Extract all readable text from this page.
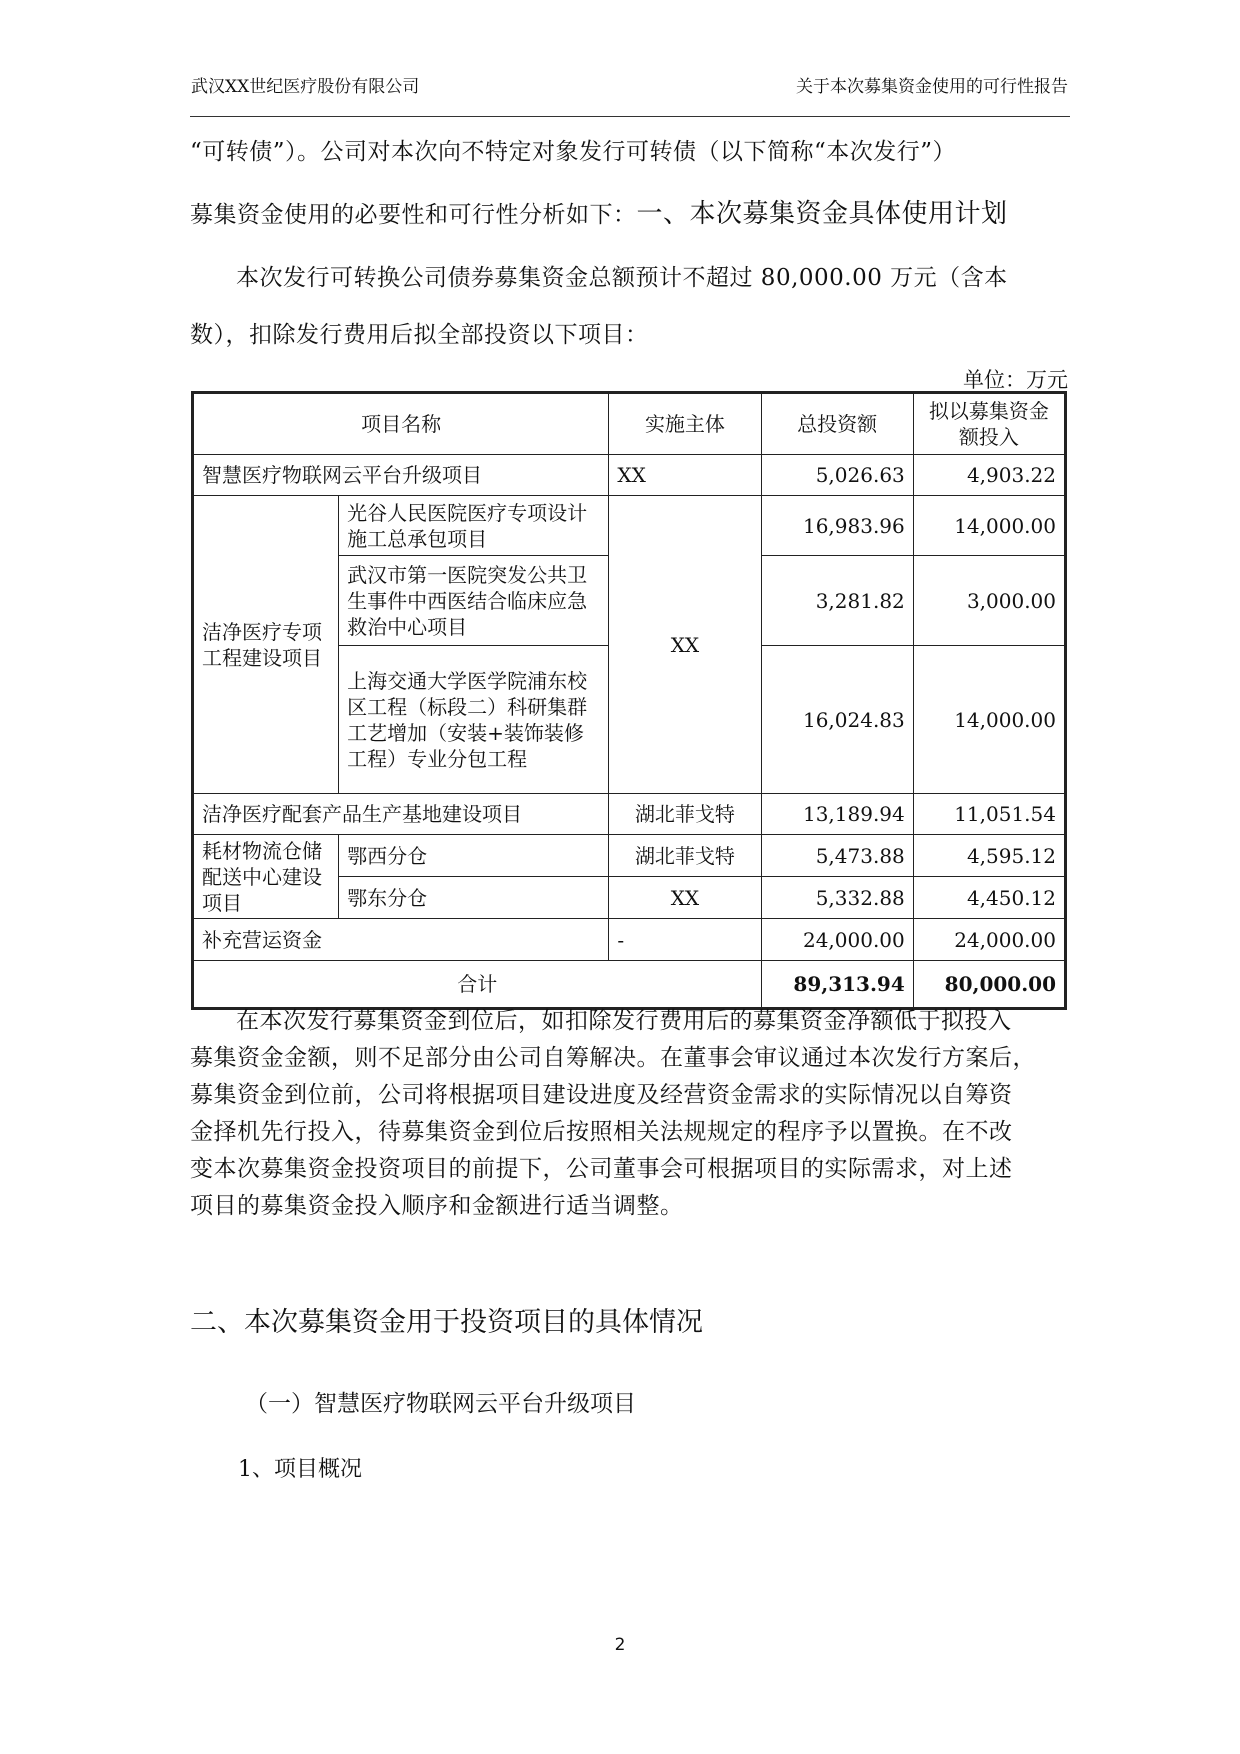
武汉XX世纪医疗股份有限公司	关于本次募集资金使用的可行性报告
“可转债”）。公司对本次向不特定对象发行可转债（以下简称“本次发行”）
募集资金使用的必要性和可行性分析如下：一、本次募集资金具体使用计划
本次发行可转换公司债券募集资金总额预计不超过 80,000.00 万元（含本
数），扣除发行费用后拟全部投资以下项目：
单位：万元
项目名称		实施主体	总投资额	拟以募集资金额投入
智慧医疗物联网云平台升级项目		XX	5,026.63	4,903.22
洁净医疗专项工程建设项目	光谷人民医院医疗专项设计施工总承包项目	XX	16,983.96	14,000.00
	武汉市第一医院突发公共卫生事件中西医结合临床应急救治中心项目		3,281.82	3,000.00
	上海交通大学医学院浦东校区工程（标段二）科研集群工艺增加（安装+装饰装修工程）专业分包工程		16,024.83	14,000.00
洁净医疗配套产品生产基地建设项目		湖北菲戈特	13,189.94	11,051.54
耗材物流仓储配送中心建设项目	鄂西分仓	湖北菲戈特	5,473.88	4,595.12
	鄂东分仓	XX	5,332.88	4,450.12
补充营运资金		-	24,000.00	24,000.00
合计			89,313.94	80,000.00
在本次发行募集资金到位后，如扣除发行费用后的募集资金净额低于拟投入
募集资金金额，则不足部分由公司自筹解决。在董事会审议通过本次发行方案后，
募集资金到位前，公司将根据项目建设进度及经营资金需求的实际情况以自筹资
金择机先行投入，待募集资金到位后按照相关法规规定的程序予以置换。在不改
变本次募集资金投资项目的前提下，公司董事会可根据项目的实际需求，对上述
项目的募集资金投入顺序和金额进行适当调整。
二、本次募集资金用于投资项目的具体情况
（一）智慧医疗物联网云平台升级项目
1、项目概况
2
